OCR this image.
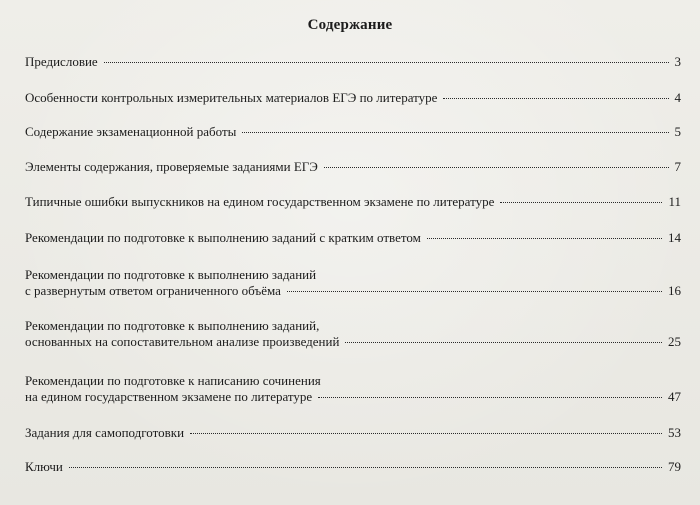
Содержание
Предисловие	3
Особенности контрольных измерительных материалов ЕГЭ по литературе	4
Содержание экзаменационной работы	5
Элементы содержания, проверяемые заданиями ЕГЭ	7
Типичные ошибки выпускников на едином государственном экзамене по литературе	11
Рекомендации по подготовке к выполнению заданий с кратким ответом	14
Рекомендации по подготовке к выполнению заданий
с развернутым ответом ограниченного объёма	16
Рекомендации по подготовке к выполнению заданий,
основанных на сопоставительном анализе произведений	25
Рекомендации по подготовке к написанию сочинения
на едином государственном экзамене по литературе	47
Задания для самоподготовки	53
Ключи	79
